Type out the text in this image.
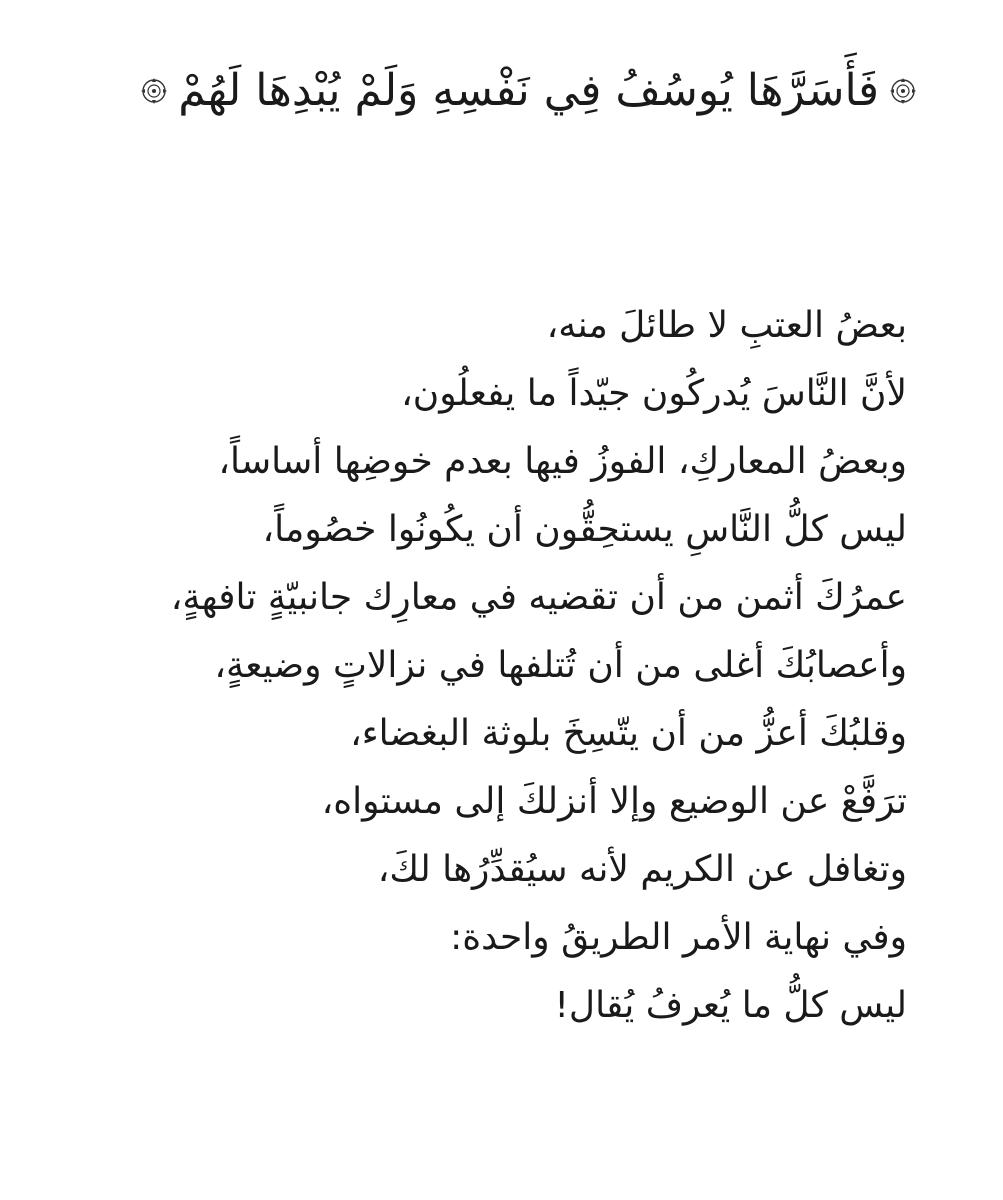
فَأَسَرَّهَا يُوسُفُ فِي نَفْسِهِ وَلَمْ يُبْدِهَا لَهُمْ
بعضُ العتبِ لا طائلَ منه،
لأنَّ النَّاسَ يُدركُون جيّداً ما يفعلُون،
وبعضُ المعاركِ، الفوزُ فيها بعدم خوضِها أساساً،
ليس كلُّ النَّاسِ يستحِقُّون أن يكُونُوا خصُوماً،
عمرُكَ أثمن من أن تقضيه في معارِك جانبيّةٍ تافهةٍ،
وأعصابُكَ أغلى من أن تُتلفها في نزالاتٍ وضيعةٍ،
وقلبُكَ أعزُّ من أن يتّسِخَ بلوثة البغضاء،
ترَفَّعْ عن الوضيع وإلا أنزلكَ إلى مستواه،
وتغافل عن الكريم لأنه سيُقدِّرُها لكَ،
وفي نهاية الأمر الطريقُ واحدة:
ليس كلُّ ما يُعرفُ يُقال!
